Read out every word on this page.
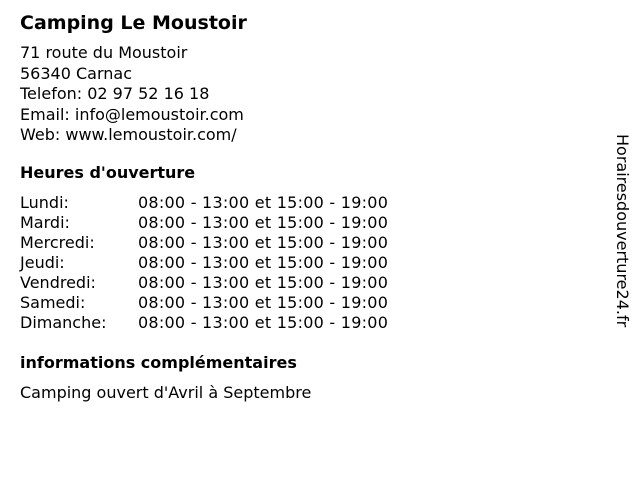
Camping Le Moustoir
71 route du Moustoir
56340 Carnac
Telefon: 02 97 52 16 18
Email: info@lemoustoir.com
Web: www.lemoustoir.com/
Heures d'ouverture
Lundi:	08:00 - 13:00 et 15:00 - 19:00
Mardi:	08:00 - 13:00 et 15:00 - 19:00
Mercredi:	08:00 - 13:00 et 15:00 - 19:00
Jeudi:	08:00 - 13:00 et 15:00 - 19:00
Vendredi:	08:00 - 13:00 et 15:00 - 19:00
Samedi:	08:00 - 13:00 et 15:00 - 19:00
Dimanche:	08:00 - 13:00 et 15:00 - 19:00
informations complémentaires
Camping ouvert d'Avril à Septembre
Horairesdouverture24.fr
